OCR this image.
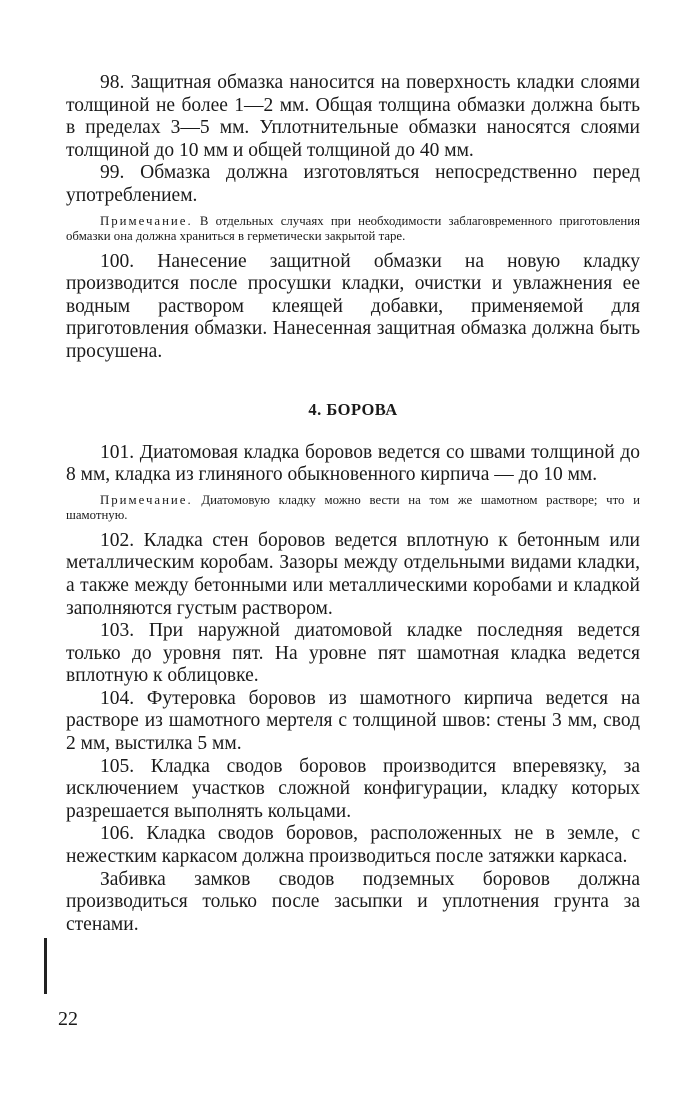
98. Защитная обмазка наносится на поверхность кладки слоями толщиной не более 1—2 мм. Общая толщина обмазки должна быть в пределах 3—5 мм. Уплотнительные обмазки наносятся слоями толщиной до 10 мм и общей толщиной до 40 мм.

99. Обмазка должна изготовляться непосредственно перед употреблением.

Примечание. В отдельных случаях при необходимости заблаговременного приготовления обмазки она должна храниться в герметически закрытой таре.

100. Нанесение защитной обмазки на новую кладку производится после просушки кладки, очистки и увлажнения ее водным раствором клеящей добавки, применяемой для приготовления обмазки. Нанесенная защитная обмазка должна быть просушена.

4. БОРОВА

101. Диатомовая кладка боровов ведется со швами толщиной до 8 мм, кладка из глиняного обыкновенного кирпича — до 10 мм.

Примечание. Диатомовую кладку можно вести на том же шамотном растворе; что и шамотную.

102. Кладка стен боровов ведется вплотную к бетонным или металлическим коробам. Зазоры между отдельными видами кладки, а также между бетонными или металлическими коробами и кладкой заполняются густым раствором.

103. При наружной диатомовой кладке последняя ведется только до уровня пят. На уровне пят шамотная кладка ведется вплотную к облицовке.

104. Футеровка боровов из шамотного кирпича ведется на растворе из шамотного мертеля с толщиной швов: стены 3 мм, свод 2 мм, выстилка 5 мм.

105. Кладка сводов боровов производится вперевязку, за исключением участков сложной конфигурации, кладку которых разрешается выполнять кольцами.

106. Кладка сводов боровов, расположенных не в земле, с нежестким каркасом должна производиться после затяжки каркаса.

Забивка замков сводов подземных боровов должна производиться только после засыпки и уплотнения грунта за стенами.

22
